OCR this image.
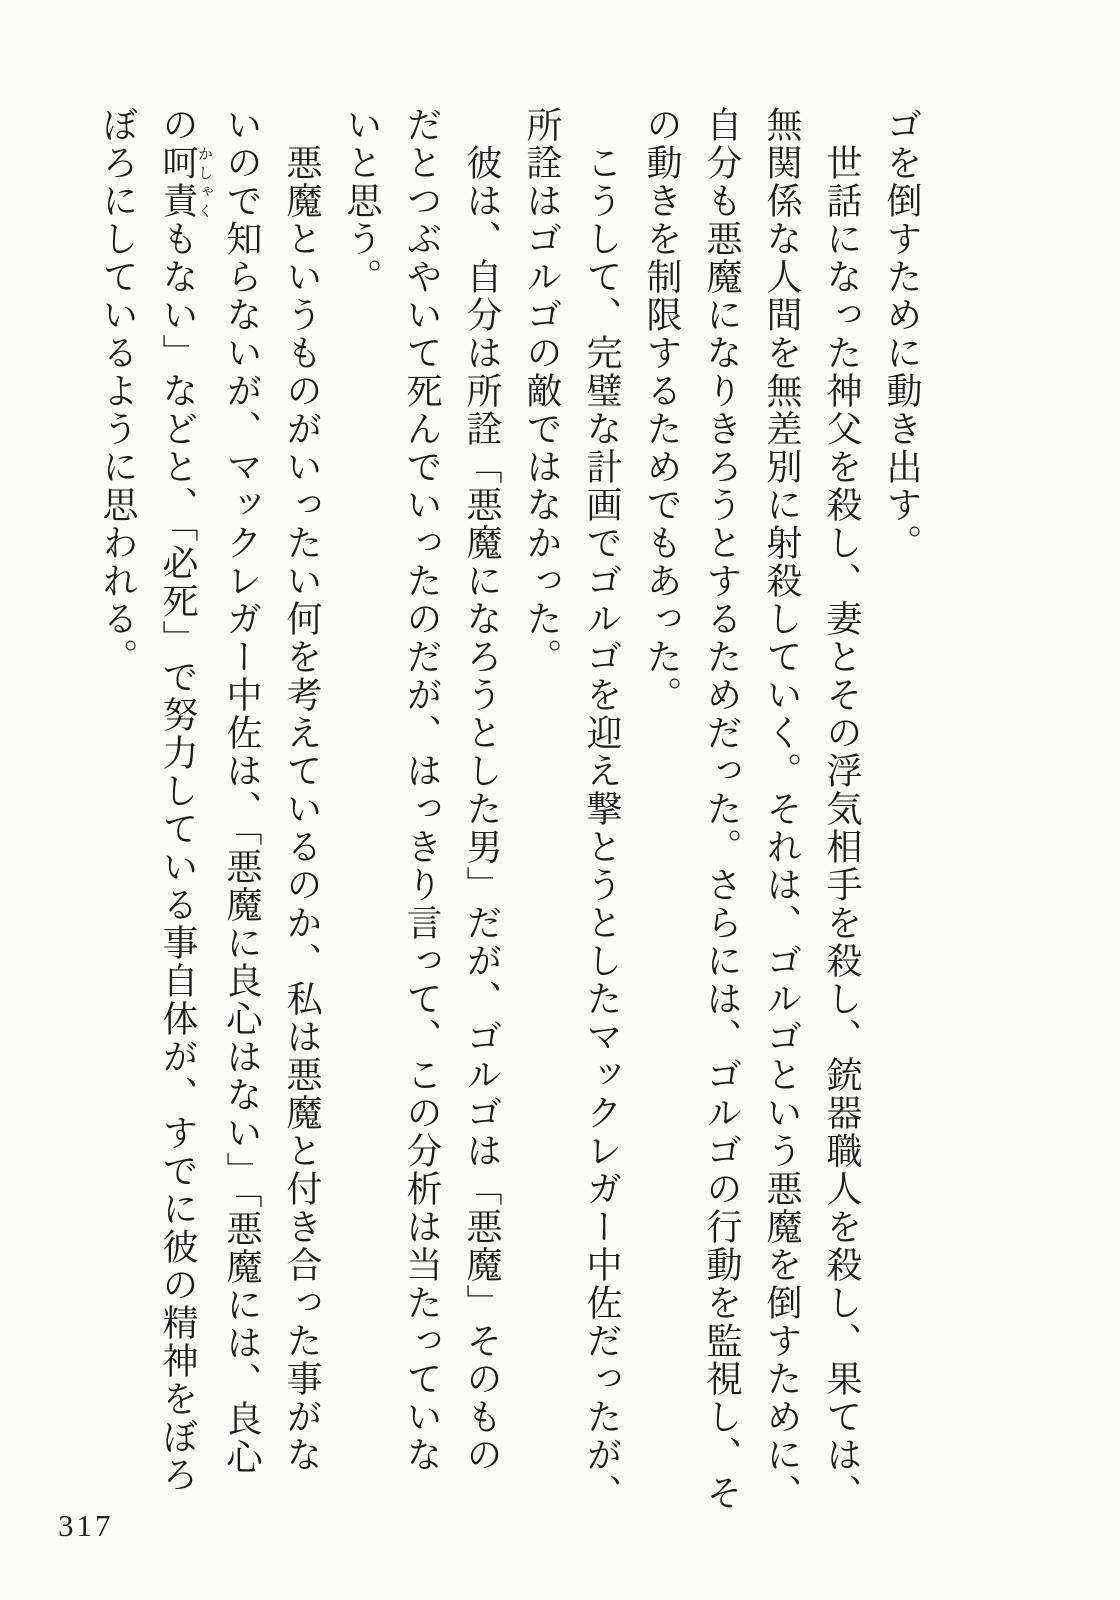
ゴを倒すために動き出す。
　世話になった神父を殺し、妻とその浮気相手を殺し、銃器職人を殺し、果ては、
無関係な人間を無差別に射殺していく。それは、ゴルゴという悪魔を倒すために、
自分も悪魔になりきろうとするためだった。さらには、ゴルゴの行動を監視し、そ
の動きを制限するためでもあった。
　こうして、完璧な計画でゴルゴを迎え撃とうとしたマックレガー中佐だったが、
所詮はゴルゴの敵ではなかった。
　彼は、自分は所詮「悪魔になろうとした男」だが、ゴルゴは「悪魔」そのもの
だとつぶやいて死んでいったのだが、はっきり言って、この分析は当たっていな
いと思う。
　悪魔というものがいったい何を考えているのか、私は悪魔と付き合った事がな
いので知らないが、マックレガー中佐は、「悪魔に良心はない」「悪魔には、良心
の呵責かしゃくもない」などと、「必死」で努力している事自体が、すでに彼の精神をぼろ
ぼろにしているように思われる。
317
